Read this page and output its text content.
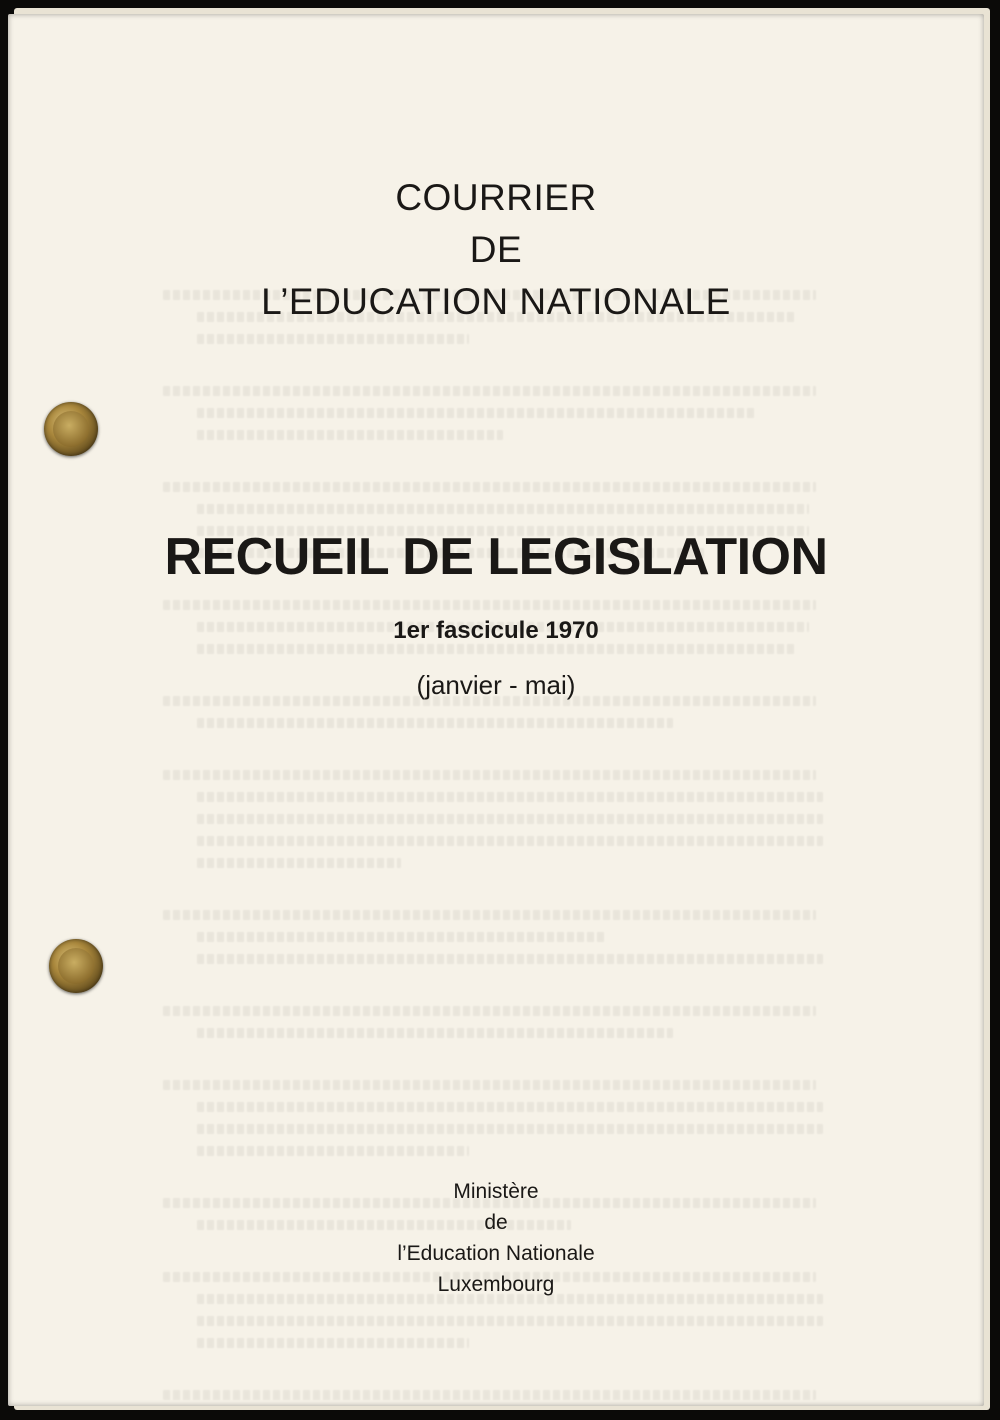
COURRIER
DE
L’EDUCATION NATIONALE
RECUEIL DE LEGISLATION
1er fascicule 1970
(janvier - mai)
Ministère
de
l’Education Nationale
Luxembourg
